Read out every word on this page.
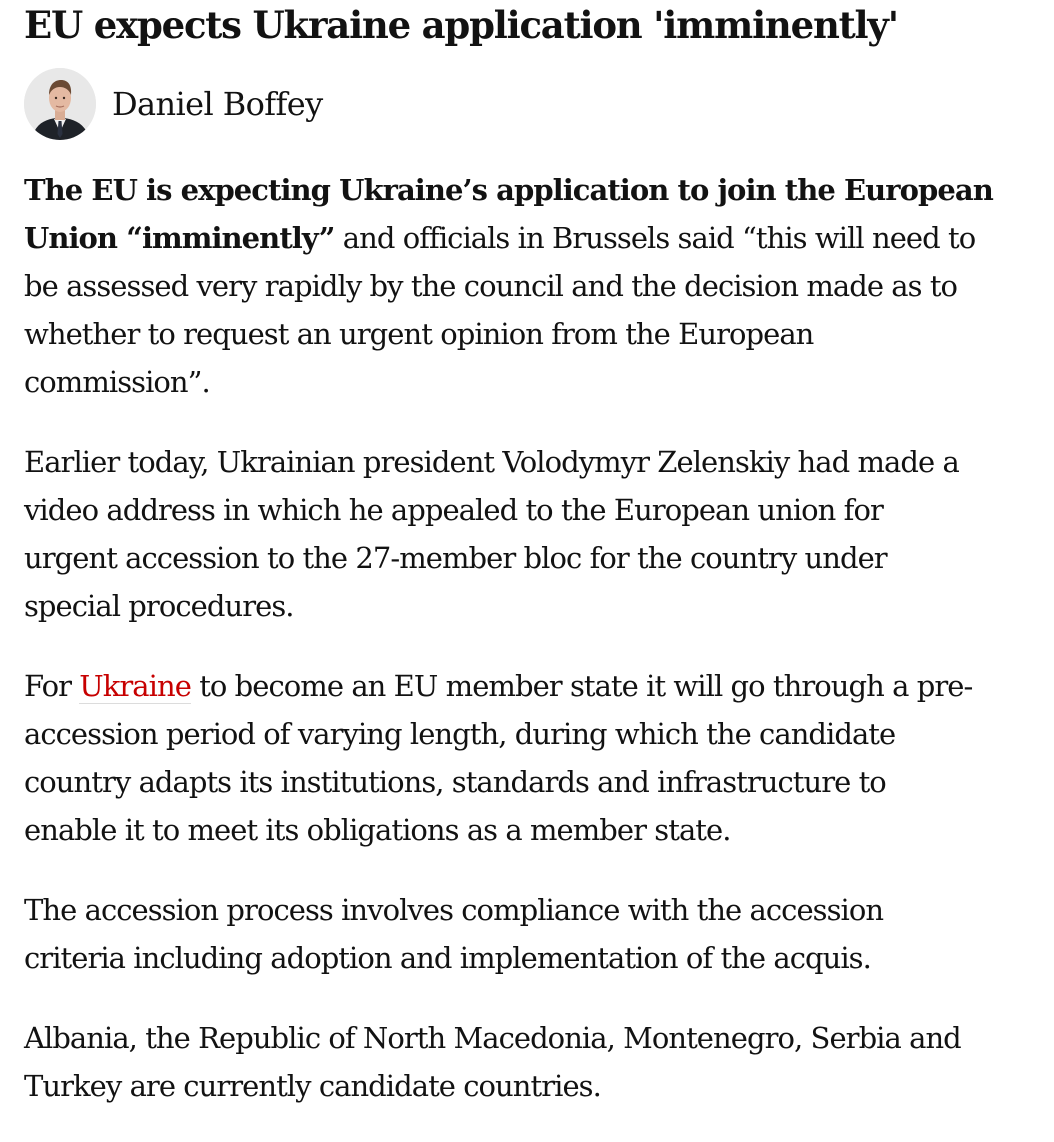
EU expects Ukraine application 'imminently'
Daniel Boffey

The EU is expecting Ukraine’s application to join the European
Union “imminently” and officials in Brussels said “this will need to
be assessed very rapidly by the council and the decision made as to
whether to request an urgent opinion from the European
commission”.

Earlier today, Ukrainian president Volodymyr Zelenskiy had made a
video address in which he appealed to the European union for
urgent accession to the 27-member bloc for the country under
special procedures.

For Ukraine to become an EU member state it will go through a pre-
accession period of varying length, during which the candidate
country adapts its institutions, standards and infrastructure to
enable it to meet its obligations as a member state.

The accession process involves compliance with the accession
criteria including adoption and implementation of the acquis.

Albania, the Republic of North Macedonia, Montenegro, Serbia and
Turkey are currently candidate countries.
